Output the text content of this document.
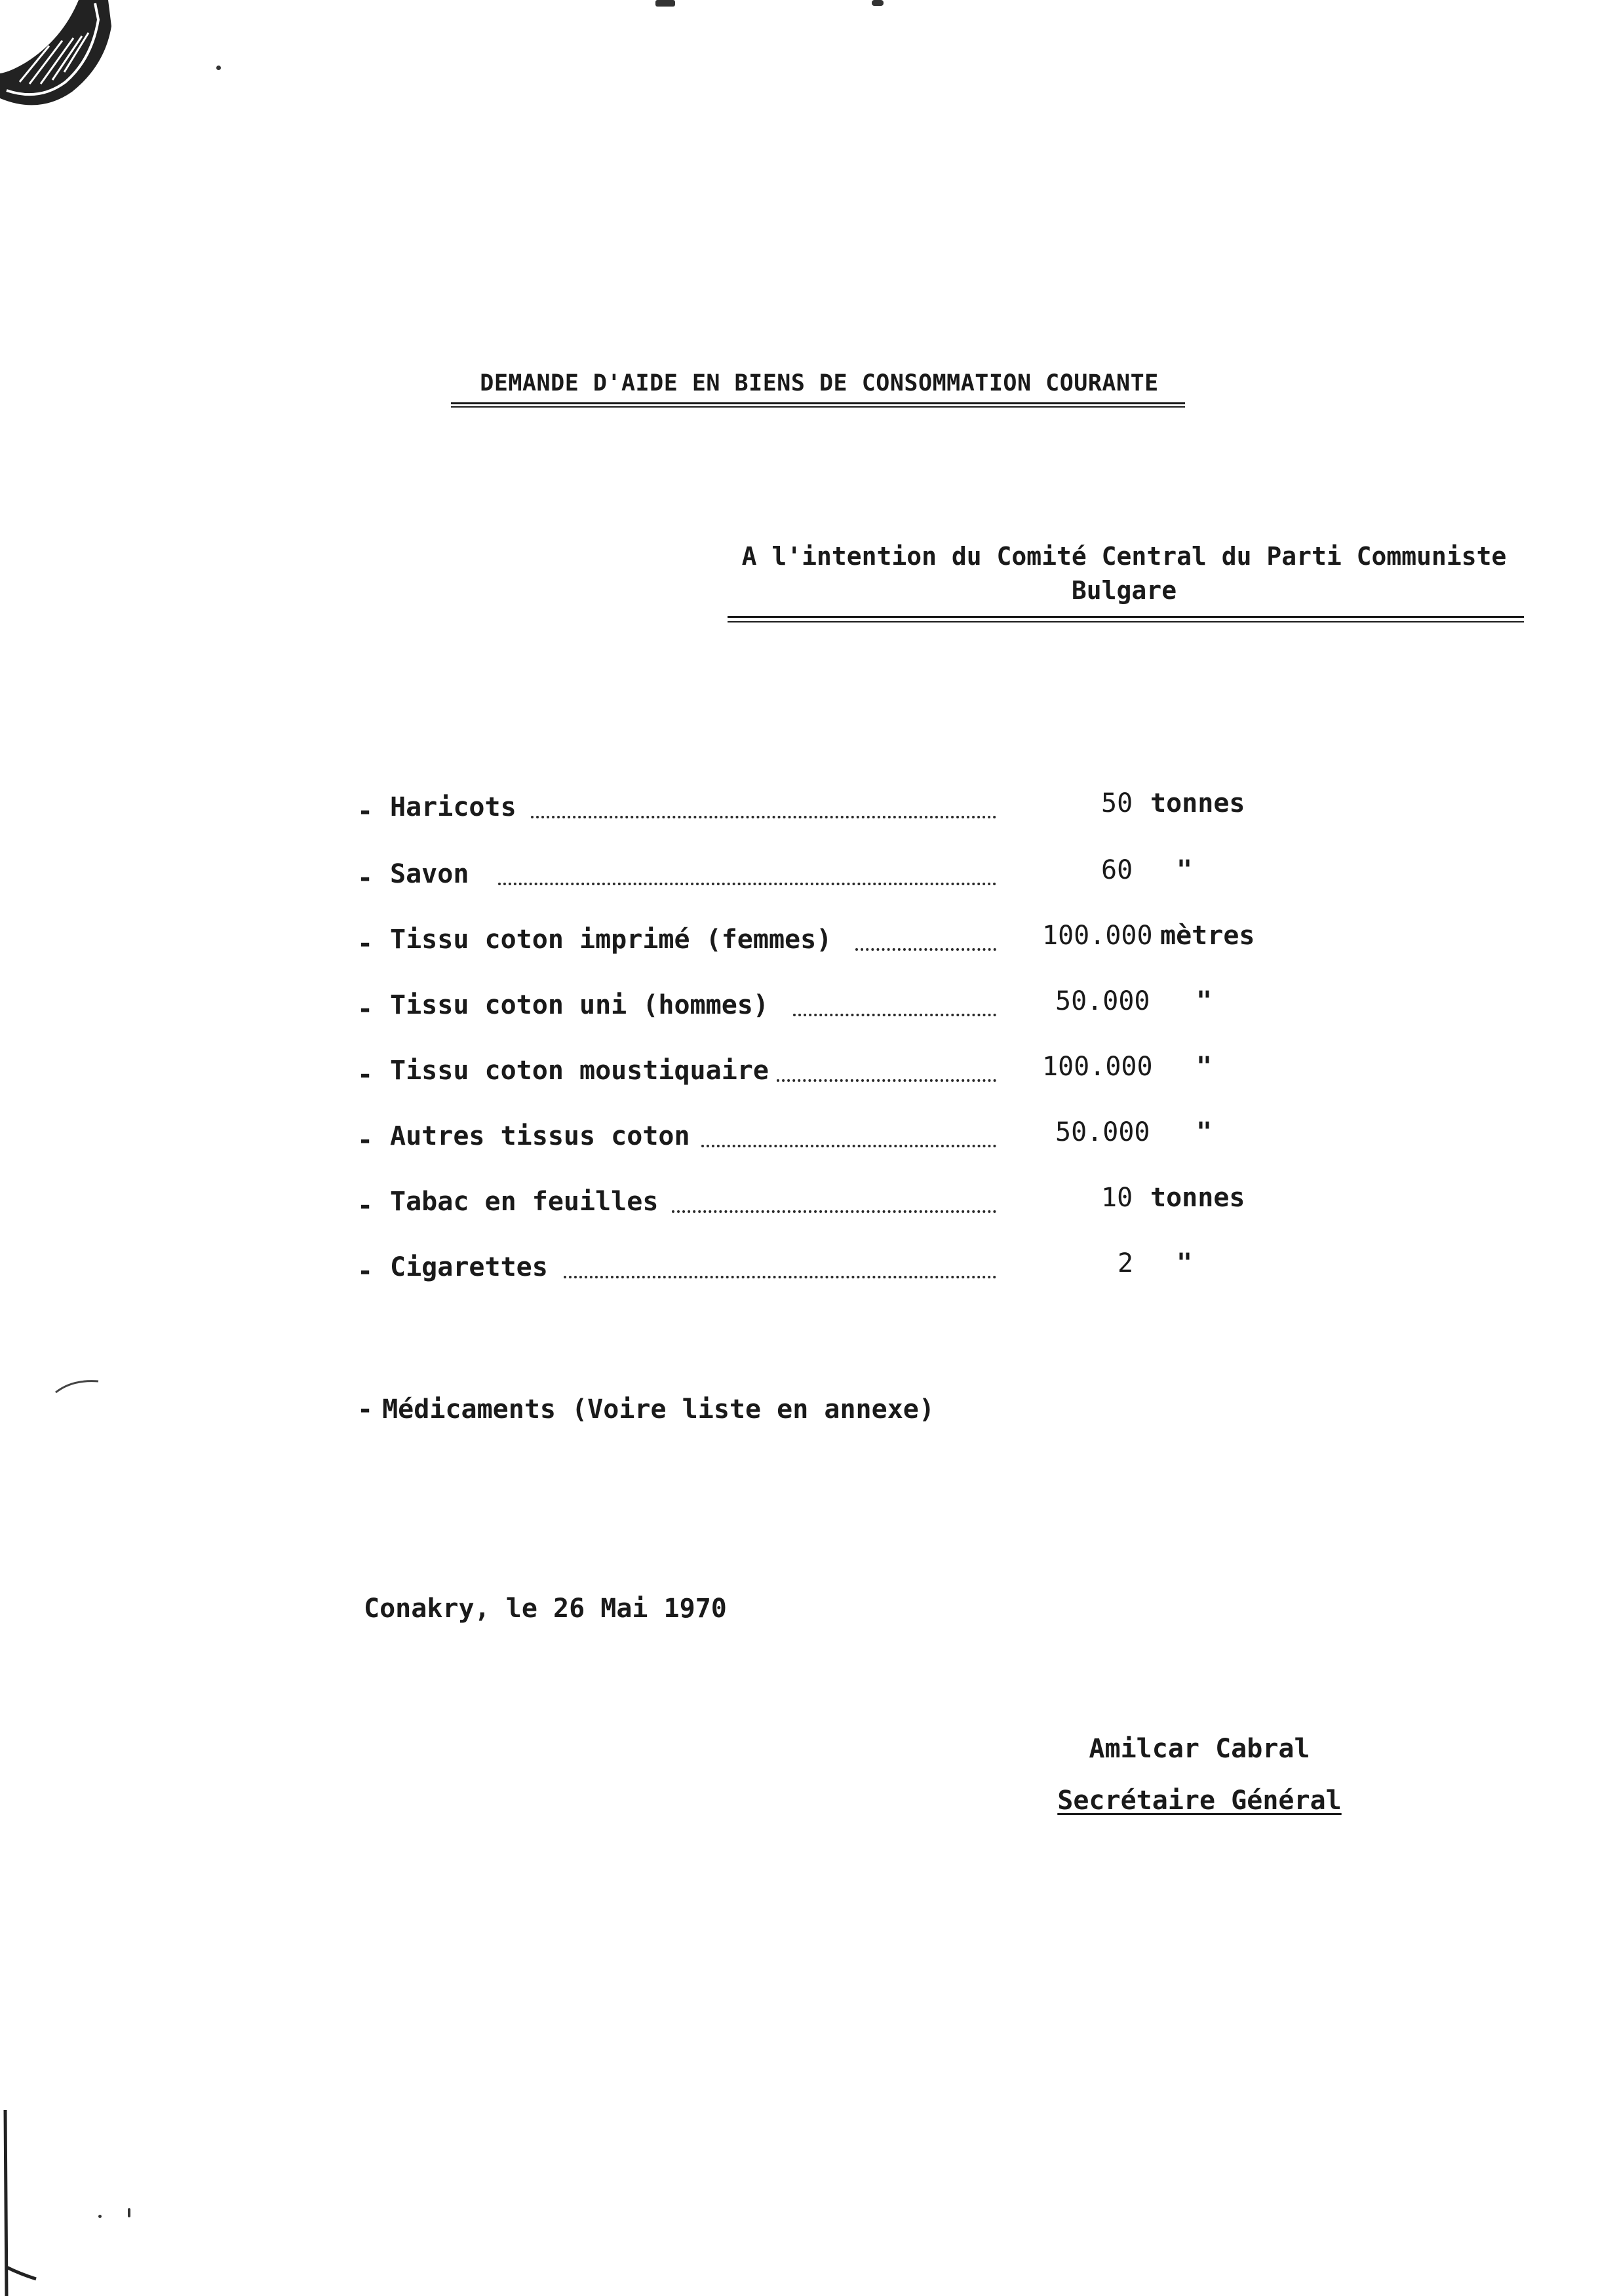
DEMANDE D'AIDE EN BIENS DE CONSOMMATION COURANTE
A l'intention du Comité Central du Parti Communiste
Bulgare
- Haricots	50 tonnes
- Savon	60 "
- Tissu coton imprimé (femmes)	100.000 mètres
- Tissu coton uni (hommes)	50.000 "
- Tissu coton moustiquaire	100.000 "
- Autres tissus coton	50.000 "
- Tabac en feuilles	10 tonnes
- Cigarettes	2 "
- Médicaments (Voire liste en annexe)
Conakry, le 26 Mai 1970
Amilcar Cabral
Secrétaire Général
